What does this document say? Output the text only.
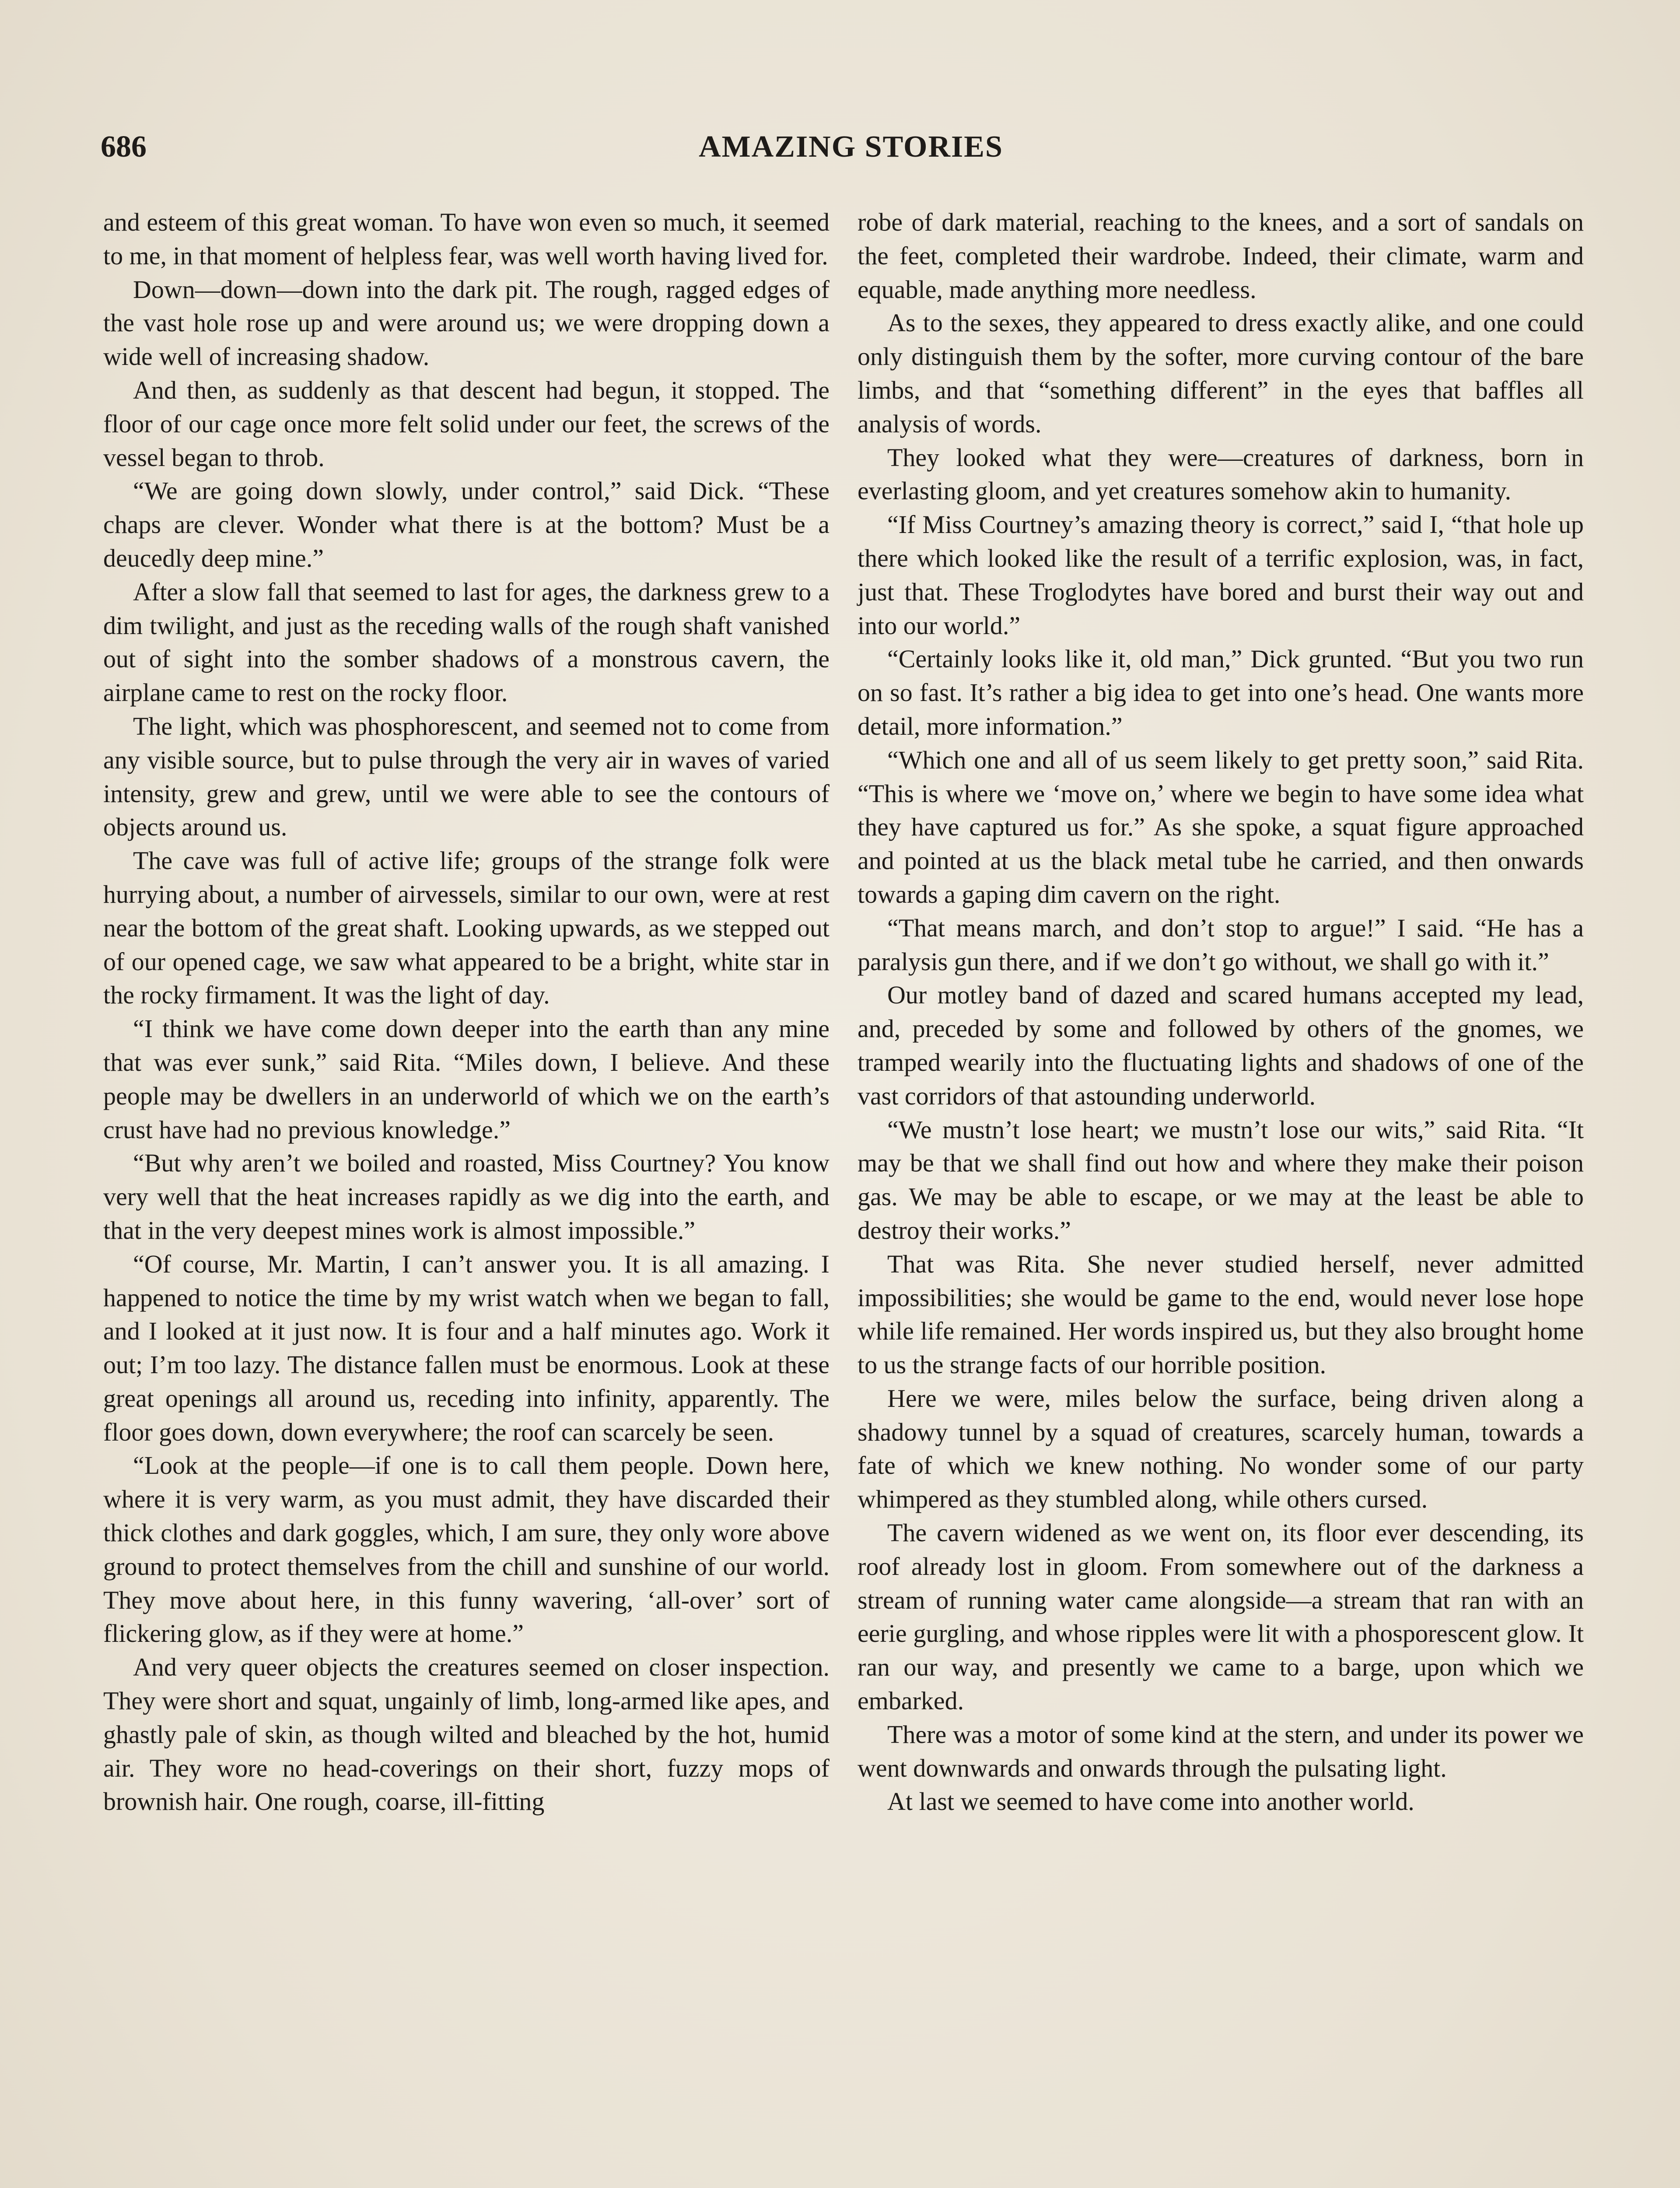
AMAZING STORIES
686

and esteem of this great woman. To have won even so much, it seemed to me, in that moment of helpless fear, was well worth having lived for.

Down—down—down into the dark pit. The rough, ragged edges of the vast hole rose up and were around us; we were dropping down a wide well of increasing shadow.

And then, as suddenly as that descent had begun, it stopped. The floor of our cage once more felt solid under our feet, the screws of the vessel began to throb.

“We are going down slowly, under control,” said Dick. “These chaps are clever. Wonder what there is at the bottom? Must be a deucedly deep mine.”

After a slow fall that seemed to last for ages, the darkness grew to a dim twilight, and just as the receding walls of the rough shaft vanished out of sight into the somber shadows of a monstrous cavern, the airplane came to rest on the rocky floor.

The light, which was phosphorescent, and seemed not to come from any visible source, but to pulse through the very air in waves of varied intensity, grew and grew, until we were able to see the contours of objects around us.

The cave was full of active life; groups of the strange folk were hurrying about, a number of airvessels, similar to our own, were at rest near the bottom of the great shaft. Looking upwards, as we stepped out of our opened cage, we saw what appeared to be a bright, white star in the rocky firmament. It was the light of day.

“I think we have come down deeper into the earth than any mine that was ever sunk,” said Rita. “Miles down, I believe. And these people may be dwellers in an underworld of which we on the earth’s crust have had no previous knowledge.”

“But why aren’t we boiled and roasted, Miss Courtney? You know very well that the heat increases rapidly as we dig into the earth, and that in the very deepest mines work is almost impossible.”

“Of course, Mr. Martin, I can’t answer you. It is all amazing. I happened to notice the time by my wrist watch when we began to fall, and I looked at it just now. It is four and a half minutes ago. Work it out; I’m too lazy. The distance fallen must be enormous. Look at these great openings all around us, receding into infinity, apparently. The floor goes down, down everywhere; the roof can scarcely be seen.

“Look at the people—if one is to call them people. Down here, where it is very warm, as you must admit, they have discarded their thick clothes and dark goggles, which, I am sure, they only wore above ground to protect themselves from the chill and sunshine of our world. They move about here, in this funny wavering, ‘all-over’ sort of flickering glow, as if they were at home.”

And very queer objects the creatures seemed on closer inspection. They were short and squat, ungainly of limb, long-armed like apes, and ghastly pale of skin, as though wilted and bleached by the hot, humid air. They wore no head-coverings on their short, fuzzy mops of brownish hair. One rough, coarse, ill-fitting

robe of dark material, reaching to the knees, and a sort of sandals on the feet, completed their wardrobe. Indeed, their climate, warm and equable, made anything more needless.

As to the sexes, they appeared to dress exactly alike, and one could only distinguish them by the softer, more curving contour of the bare limbs, and that “something different” in the eyes that baffles all analysis of words.

They looked what they were—creatures of darkness, born in everlasting gloom, and yet creatures somehow akin to humanity.

“If Miss Courtney’s amazing theory is correct,” said I, “that hole up there which looked like the result of a terrific explosion, was, in fact, just that. These Troglodytes have bored and burst their way out and into our world.”

“Certainly looks like it, old man,” Dick grunted. “But you two run on so fast. It’s rather a big idea to get into one’s head. One wants more detail, more information.”

“Which one and all of us seem likely to get pretty soon,” said Rita. “This is where we ‘move on,’ where we begin to have some idea what they have captured us for.” As she spoke, a squat figure approached and pointed at us the black metal tube he carried, and then onwards towards a gaping dim cavern on the right.

“That means march, and don’t stop to argue!” I said. “He has a paralysis gun there, and if we don’t go without, we shall go with it.”

Our motley band of dazed and scared humans accepted my lead, and, preceded by some and followed by others of the gnomes, we tramped wearily into the fluctuating lights and shadows of one of the vast corridors of that astounding underworld.

“We mustn’t lose heart; we mustn’t lose our wits,” said Rita. “It may be that we shall find out how and where they make their poison gas. We may be able to escape, or we may at the least be able to destroy their works.”

That was Rita. She never studied herself, never admitted impossibilities; she would be game to the end, would never lose hope while life remained. Her words inspired us, but they also brought home to us the strange facts of our horrible position.

Here we were, miles below the surface, being driven along a shadowy tunnel by a squad of creatures, scarcely human, towards a fate of which we knew nothing. No wonder some of our party whimpered as they stumbled along, while others cursed.

The cavern widened as we went on, its floor ever descending, its roof already lost in gloom. From somewhere out of the darkness a stream of running water came alongside—a stream that ran with an eerie gurgling, and whose ripples were lit with a phosporescent glow. It ran our way, and presently we came to a barge, upon which we embarked.

There was a motor of some kind at the stern, and under its power we went downwards and onwards through the pulsating light.

At last we seemed to have come into another world.
